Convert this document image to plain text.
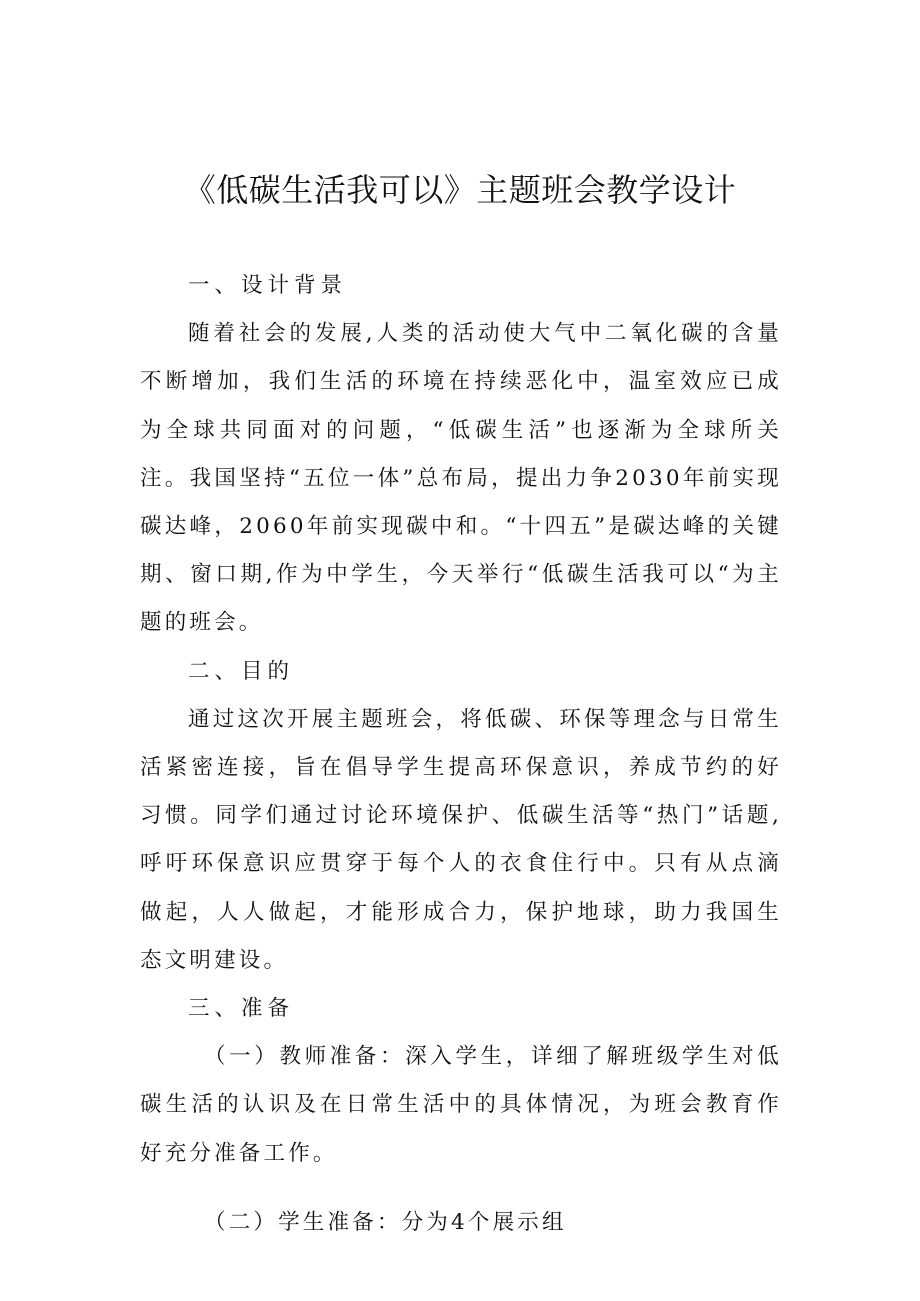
《低碳生活我可以》主题班会教学设计

一、设计背景

随着社会的发展,人类的活动使大气中二氧化碳的含量不断增加，我们生活的环境在持续恶化中，温室效应已成为全球共同面对的问题，“低碳生活”也逐渐为全球所关注。我国坚持“五位一体”总布局，提出力争2030年前实现碳达峰，2060年前实现碳中和。“十四五”是碳达峰的关键期、窗口期,作为中学生，今天举行“低碳生活我可以“为主题的班会。

二、目的

通过这次开展主题班会，将低碳、环保等理念与日常生活紧密连接，旨在倡导学生提高环保意识，养成节约的好习惯。同学们通过讨论环境保护、低碳生活等“热门”话题,呼吁环保意识应贯穿于每个人的衣食住行中。只有从点滴做起，人人做起，才能形成合力，保护地球，助力我国生态文明建设。

三、准备

（一）教师准备：深入学生，详细了解班级学生对低碳生活的认识及在日常生活中的具体情况，为班会教育作好充分准备工作。

（二）学生准备：分为4个展示组
